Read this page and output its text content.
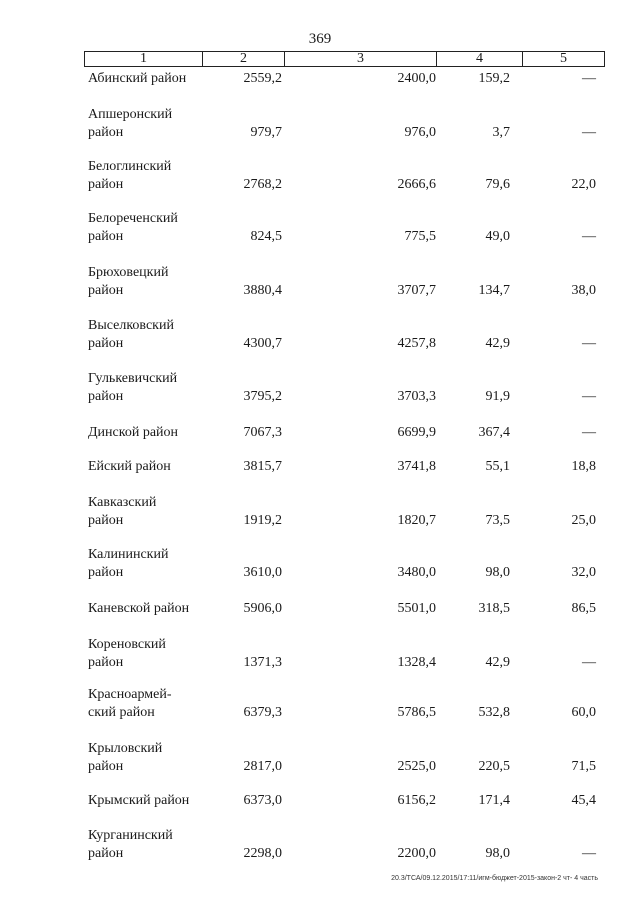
369
1	2	3	4	5
Абинский район	2559,2	2400,0	159,2	—
Апшеронский
район	979,7	976,0	3,7	—
Белоглинский
район	2768,2	2666,6	79,6	22,0
Белореченский
район	824,5	775,5	49,0	—
Брюховецкий
район	3880,4	3707,7	134,7	38,0
Выселковский
район	4300,7	4257,8	42,9	—
Гулькевичский
район	3795,2	3703,3	91,9	—
Динской район	7067,3	6699,9	367,4	—
Ейский район	3815,7	3741,8	55,1	18,8
Кавказский
район	1919,2	1820,7	73,5	25,0
Калининский
район	3610,0	3480,0	98,0	32,0
Каневской район	5906,0	5501,0	318,5	86,5
Кореновский
район	1371,3	1328,4	42,9	—
Красноармей-
ский район	6379,3	5786,5	532,8	60,0
Крыловский
район	2817,0	2525,0	220,5	71,5
Крымский район	6373,0	6156,2	171,4	45,4
Курганинский
район	2298,0	2200,0	98,0	—
20.3/ТСА/09.12.2015/17:11/игм-бюджет-2015-закон-2 чт- 4 часть
